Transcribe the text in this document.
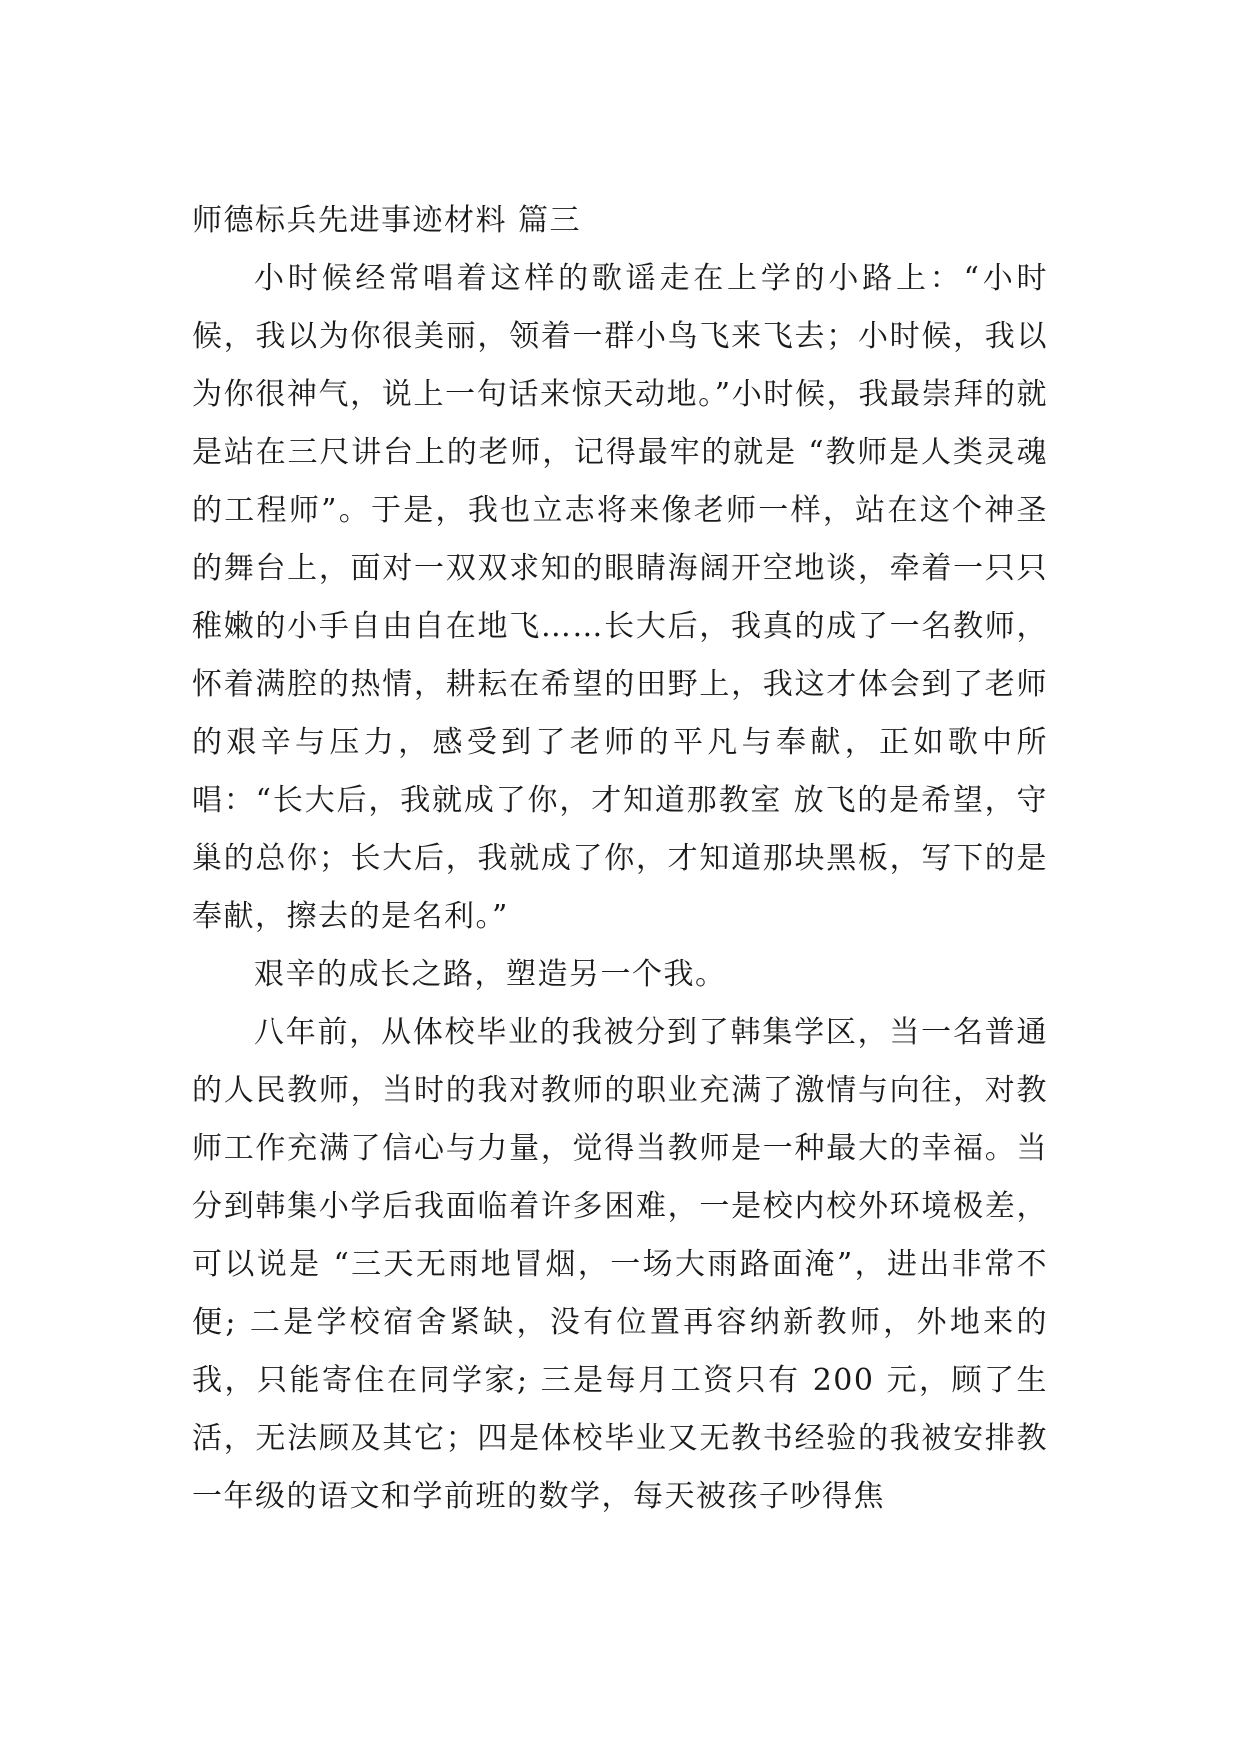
师德标兵先进事迹材料 篇三

小时候经常唱着这样的歌谣走在上学的小路上：“小时候，我以为你很美丽，领着一群小鸟飞来飞去；小时候，我以为你很神气，说上一句话来惊天动地。”小时候，我最崇拜的就是站在三尺讲台上的老师，记得最牢的就是 “教师是人类灵魂的工程师”。于是，我也立志将来像老师一样，站在这个神圣的舞台上，面对一双双求知的眼睛海阔开空地谈，牵着一只只稚嫩的小手自由自在地飞……长大后，我真的成了一名教师，怀着满腔的热情，耕耘在希望的田野上，我这才体会到了老师的艰辛与压力，感受到了老师的平凡与奉献，正如歌中所唱：“长大后，我就成了你，才知道那教室 放飞的是希望，守巢的总你；长大后，我就成了你，才知道那块黑板，写下的是奉献，擦去的是名利。”

艰辛的成长之路，塑造另一个我。

八年前，从体校毕业的我被分到了韩集学区，当一名普通的人民教师，当时的我对教师的职业充满了激情与向往，对教师工作充满了信心与力量，觉得当教师是一种最大的幸福。当分到韩集小学后我面临着许多困难，一是校内校外环境极差，可以说是 “三天无雨地冒烟，一场大雨路面淹”，进出非常不便; 二是学校宿舍紧缺，没有位置再容纳新教师，外地来的我，只能寄住在同学家; 三是每月工资只有 200 元，顾了生活，无法顾及其它；四是体校毕业又无教书经验的我被安排教一年级的语文和学前班的数学，每天被孩子吵得焦
